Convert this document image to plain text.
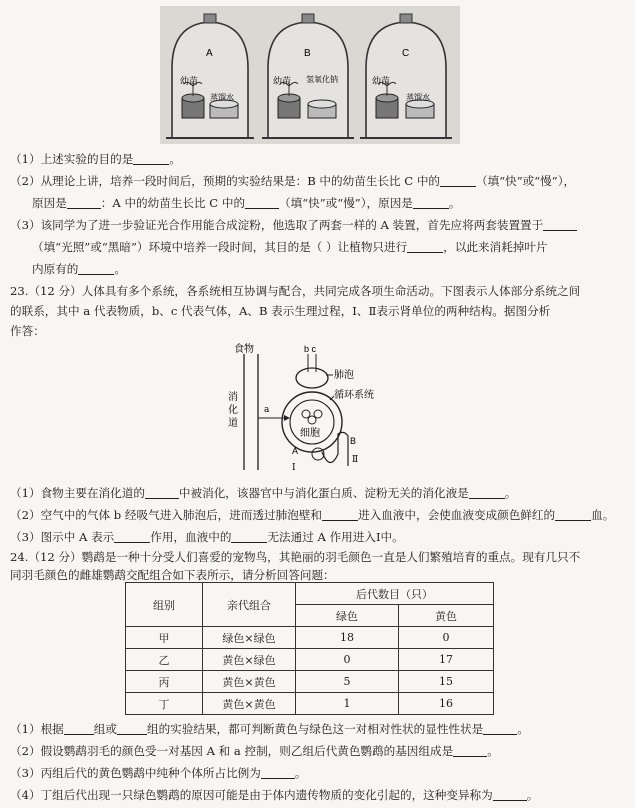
A
幼苗
蒸馏水
B
幼苗 氢氧化钠
C
幼苗
蒸馏水
（1）上述实验的目的是	。
（2）从理论上讲，培养一段时间后，预期的实验结果是：B 中的幼苗生长比 C 中的	（填“快”或“慢”），
原因是	：A 中的幼苗生长比 C 中的	（填“快”或“慢”），原因是	。
（3）该同学为了进一步验证光合作用能合成淀粉，他选取了两套一样的 A 装置，首先应将两套装置置于
（填“光照”或“黑暗”）环境中培养一段时间，其目的是（ ）让植物只进行	，以此来消耗掉叶片
内原有的	。
23.（12 分）人体具有多个系统，各系统相互协调与配合，共同完成各项生命活动。下图表示人体部分系统之间
的联系，其中 a 代表物质，b、c 代表气体，A、B 表示生理过程，Ⅰ、Ⅱ表示肾单位的两种结构。据图分析
作答：
食物
消化道
a
b c
肺泡
循环系统
细胞
A
B
Ⅰ
Ⅱ
（1）食物主要在消化道的	中被消化，该器官中与消化蛋白质、淀粉无关的消化液是	。
（2）空气中的气体 b 经吸气进入肺泡后，进而透过肺泡壁和	进入血液中，会使血液变成颜色鲜红的	血。
（3）图示中 A 表示	作用，血液中的	无法通过 A 作用进入Ⅰ中。
24.（12 分）鹦鹉是一种十分受人们喜爱的宠物鸟，其艳丽的羽毛颜色一直是人们繁殖培育的重点。现有几只不
同羽毛颜色的雌雄鹦鹉交配组合如下表所示，请分析回答问题：
组别	亲代组合	后代数目（只）	
		绿色	黄色
甲	绿色×绿色	18	0
乙	黄色×绿色	0	17
丙	黄色×黄色	5	15
丁	黄色×黄色	1	16
（1）根据	组或	组的实验结果，都可判断黄色与绿色这一对相对性状的显性性状是	。
（2）假设鹦鹉羽毛的颜色受一对基因 A 和 a 控制，则乙组后代黄色鹦鹉的基因组成是	。
（3）丙组后代的黄色鹦鹉中纯种个体所占比例为	。
（4）丁组后代出现一只绿色鹦鹉的原因可能是由于体内遗传物质的变化引起的，这种变异称为	。
